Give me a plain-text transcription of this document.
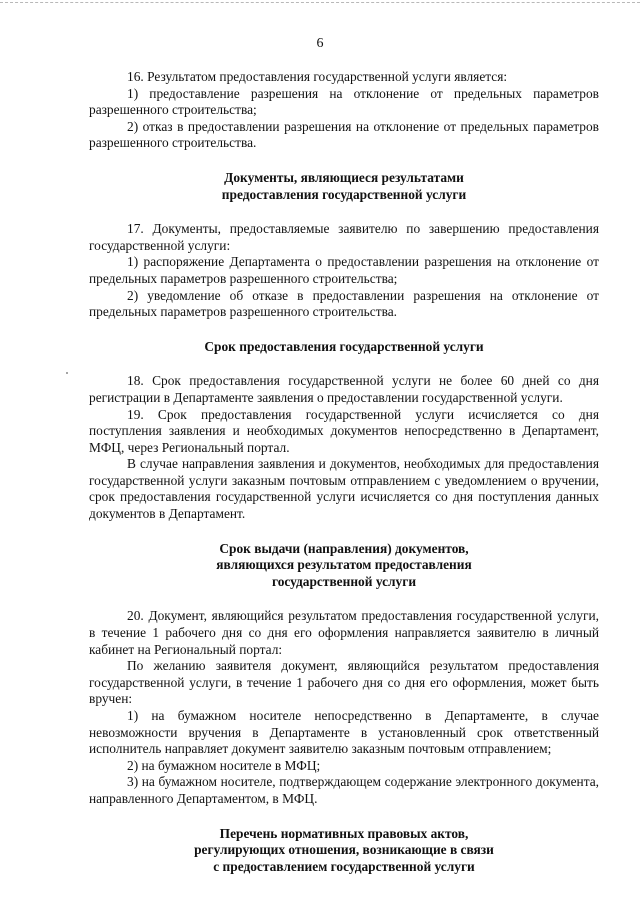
6

16. Результатом предоставления государственной услуги является:

1) предоставление разрешения на отклонение от предельных параметров разрешенного строительства;

2) отказ в предоставлении разрешения на отклонение от предельных параметров разрешенного строительства.

Документы, являющиеся результатами
предоставления государственной услуги

17. Документы, предоставляемые заявителю по завершению предоставления государственной услуги:

1) распоряжение Департамента о предоставлении разрешения на отклонение от предельных параметров разрешенного строительства;

2) уведомление об отказе в предоставлении разрешения на отклонение от предельных параметров разрешенного строительства.

Срок предоставления государственной услуги

18. Срок предоставления государственной услуги не более 60 дней со дня регистрации в Департаменте заявления о предоставлении государственной услуги.

19. Срок предоставления государственной услуги исчисляется со дня поступления заявления и необходимых документов непосредственно в Департамент, МФЦ, через Региональный портал.

В случае направления заявления и документов, необходимых для предоставления государственной услуги заказным почтовым отправлением с уведомлением о вручении, срок предоставления государственной услуги исчисляется со дня поступления данных документов в Департамент.

Срок выдачи (направления) документов,
являющихся результатом предоставления
государственной услуги

20. Документ, являющийся результатом предоставления государственной услуги, в течение 1 рабочего дня со дня его оформления направляется заявителю в личный кабинет на Региональный портал:

По желанию заявителя документ, являющийся результатом предоставления государственной услуги, в течение 1 рабочего дня со дня его оформления, может быть вручен:

1) на бумажном носителе непосредственно в Департаменте, в случае невозможности вручения в Департаменте в установленный срок ответственный исполнитель направляет документ заявителю заказным почтовым отправлением;

2) на бумажном носителе в МФЦ;

3) на бумажном носителе, подтверждающем содержание электронного документа, направленного Департаментом, в МФЦ.

Перечень нормативных правовых актов,
регулирующих отношения, возникающие в связи
с предоставлением государственной услуги
